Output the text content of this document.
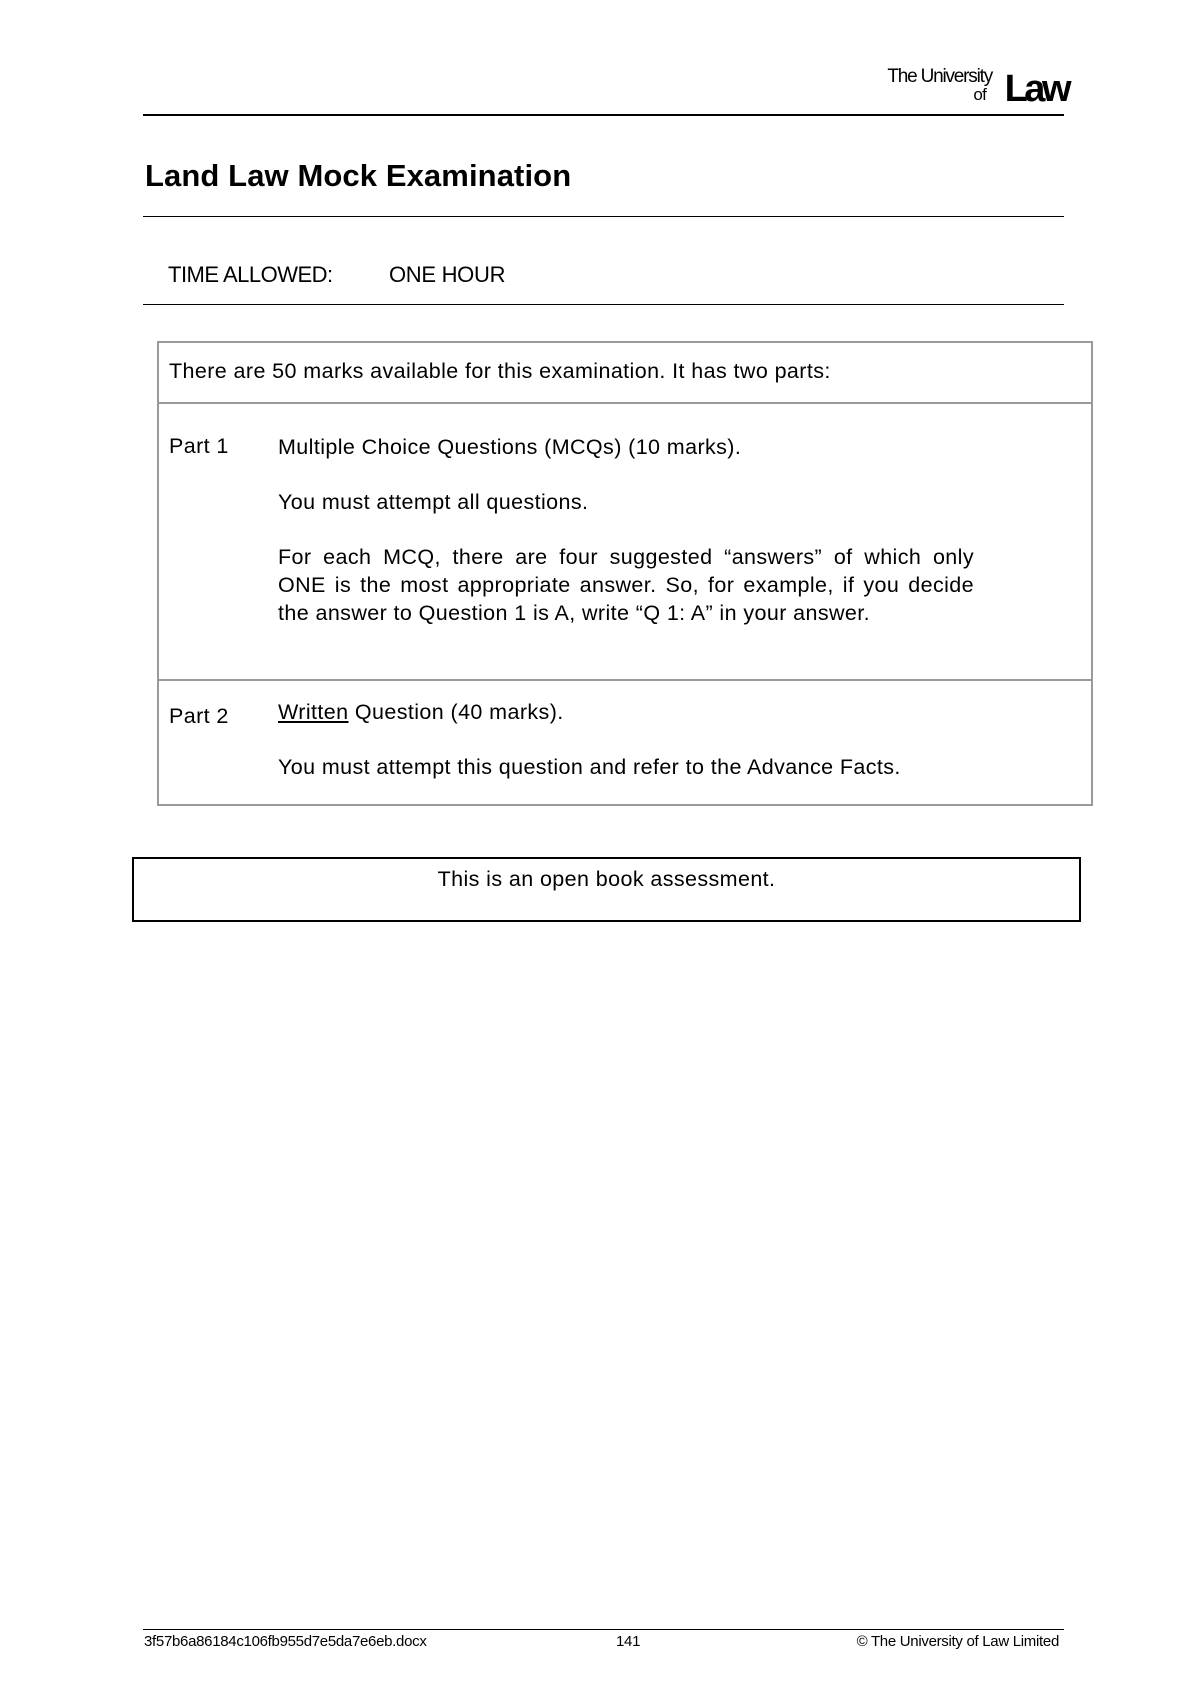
The University
of Law
Land Law Mock Examination
TIME ALLOWED:	ONE HOUR
There are 50 marks available for this examination. It has two parts:
Part 1 Multiple Choice Questions (MCQs) (10 marks).
You must attempt all questions.
For each MCQ, there are four suggested “answers” of which only ONE is the most appropriate answer. So, for example, if you decide the answer to Question 1 is A, write “Q 1: A” in your answer.
Part 2 Written Question (40 marks).
You must attempt this question and refer to the Advance Facts.
This is an open book assessment.
3f57b6a86184c106fb955d7e5da7e6eb.docx	141	© The University of Law Limited
